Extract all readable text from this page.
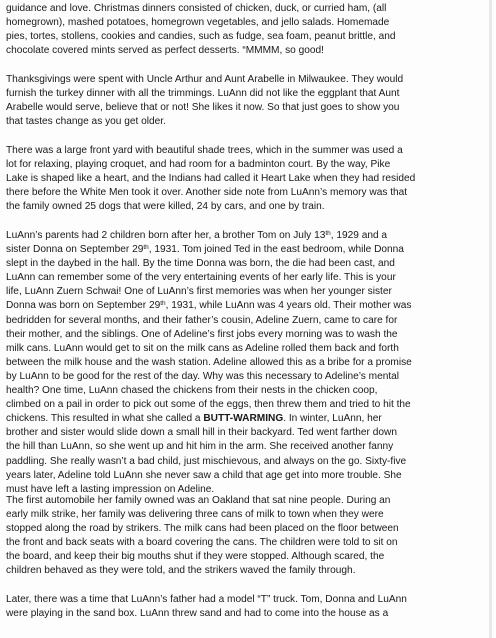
guidance and love. Christmas dinners consisted of chicken, duck, or curried ham, (all
homegrown), mashed potatoes, homegrown vegetables, and jello salads. Homemade
pies, tortes, stollens, cookies and candies, such as fudge, sea foam, peanut brittle, and
chocolate covered mints served as perfect desserts. “MMMM, so good!

Thanksgivings were spent with Uncle Arthur and Aunt Arabelle in Milwaukee. They would
furnish the turkey dinner with all the trimmings. LuAnn did not like the eggplant that Aunt
Arabelle would serve, believe that or not! She likes it now. So that just goes to show you
that tastes change as you get older.

There was a large front yard with beautiful shade trees, which in the summer was used a
lot for relaxing, playing croquet, and had room for a badminton court. By the way, Pike
Lake is shaped like a heart, and the Indians had called it Heart Lake when they had resided
there before the White Men took it over. Another side note from LuAnn’s memory was that
the family owned 25 dogs that were killed, 24 by cars, and one by train.

LuAnn’s parents had 2 children born after her, a brother Tom on July 13th, 1929 and a
sister Donna on September 29th, 1931. Tom joined Ted in the east bedroom, while Donna
slept in the daybed in the hall. By the time Donna was born, the die had been cast, and
LuAnn can remember some of the very entertaining events of her early life. This is your
life, LuAnn Zuern Schwai! One of LuAnn’s first memories was when her younger sister
Donna was born on September 29th, 1931, while LuAnn was 4 years old. Their mother was
bedridden for several months, and their father’s cousin, Adeline Zuern, came to care for
their mother, and the siblings. One of Adeline’s first jobs every morning was to wash the
milk cans. LuAnn would get to sit on the milk cans as Adeline rolled them back and forth
between the milk house and the wash station. Adeline allowed this as a bribe for a promise
by LuAnn to be good for the rest of the day. Why was this necessary to Adeline’s mental
health? One time, LuAnn chased the chickens from their nests in the chicken coop,
climbed on a pail in order to pick out some of the eggs, then threw them and tried to hit the
chickens. This resulted in what she called a BUTT-WARMING. In winter, LuAnn, her
brother and sister would slide down a small hill in their backyard. Ted went farther down
the hill than LuAnn, so she went up and hit him in the arm. She received another fanny
paddling. She really wasn’t a bad child, just mischievous, and always on the go. Sixty-five
years later, Adeline told LuAnn she never saw a child that age get into more trouble. She
must have left a lasting impression on Adeline.

The first automobile her family owned was an Oakland that sat nine people. During an
early milk strike, her family was delivering three cans of milk to town when they were
stopped along the road by strikers. The milk cans had been placed on the floor between
the front and back seats with a board covering the cans. The children were told to sit on
the board, and keep their big mouths shut if they were stopped. Although scared, the
children behaved as they were told, and the strikers waved the family through.

Later, there was a time that LuAnn’s father had a model “T” truck. Tom, Donna and LuAnn
were playing in the sand box. LuAnn threw sand and had to come into the house as a
